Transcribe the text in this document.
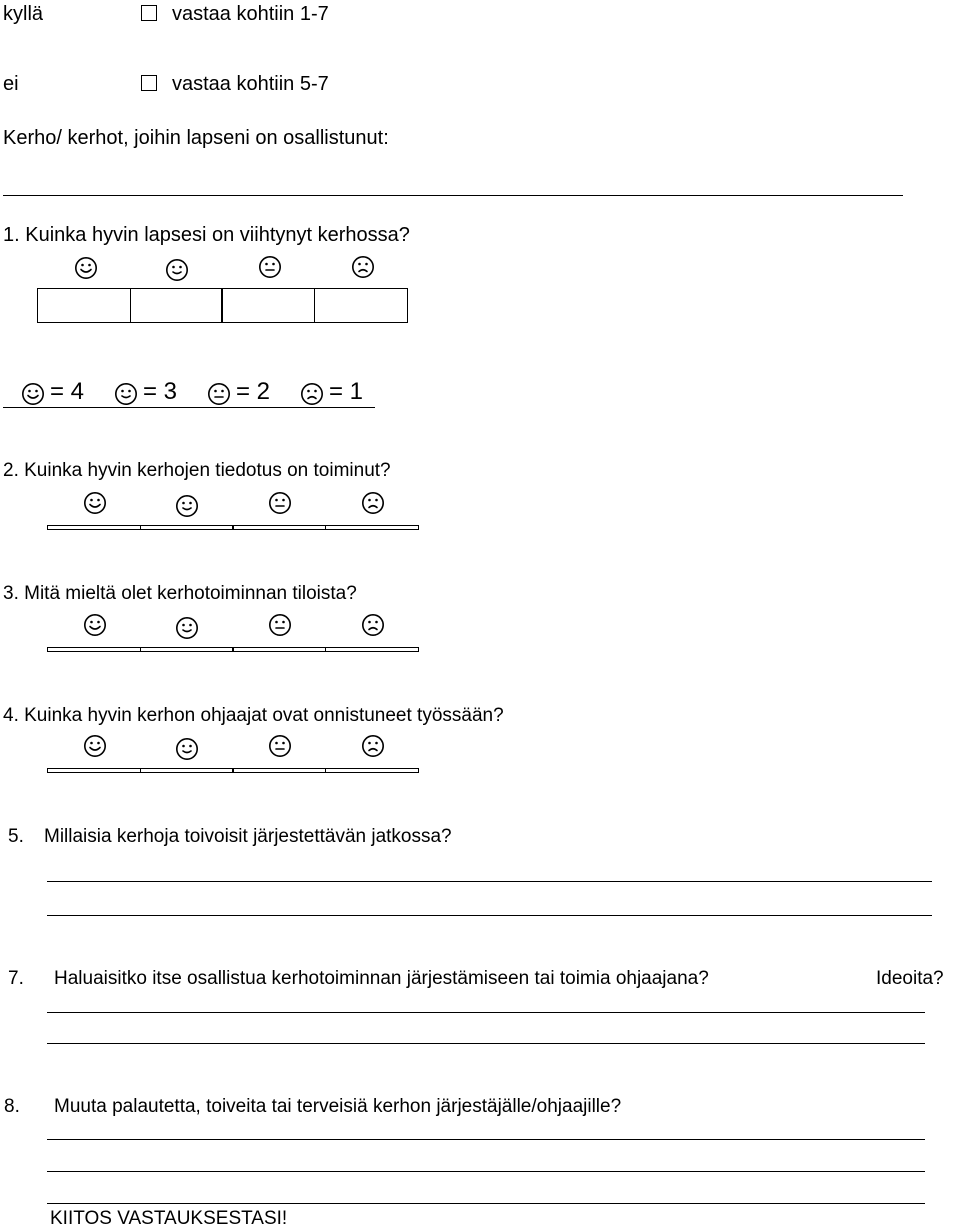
kyllä	vastaa kohtiin 1-7
ei	vastaa kohtiin 5-7
Kerho/ kerhot, joihin lapseni on osallistunut:
1. Kuinka hyvin lapsesi on viihtynyt kerhossa?
= 4 = 3 = 2 = 1
2. Kuinka hyvin kerhojen tiedotus on toiminut?
3. Mitä mieltä olet kerhotoiminnan tiloista?
4. Kuinka hyvin kerhon ohjaajat ovat onnistuneet työssään?
5. Millaisia kerhoja toivoisit järjestettävän jatkossa?
7. Haluaisitko itse osallistua kerhotoiminnan järjestämiseen tai toimia ohjaajana?	Ideoita?
8. Muuta palautetta, toiveita tai terveisiä kerhon järjestäjälle/ohjaajille?
KIITOS VASTAUKSESTASI!
